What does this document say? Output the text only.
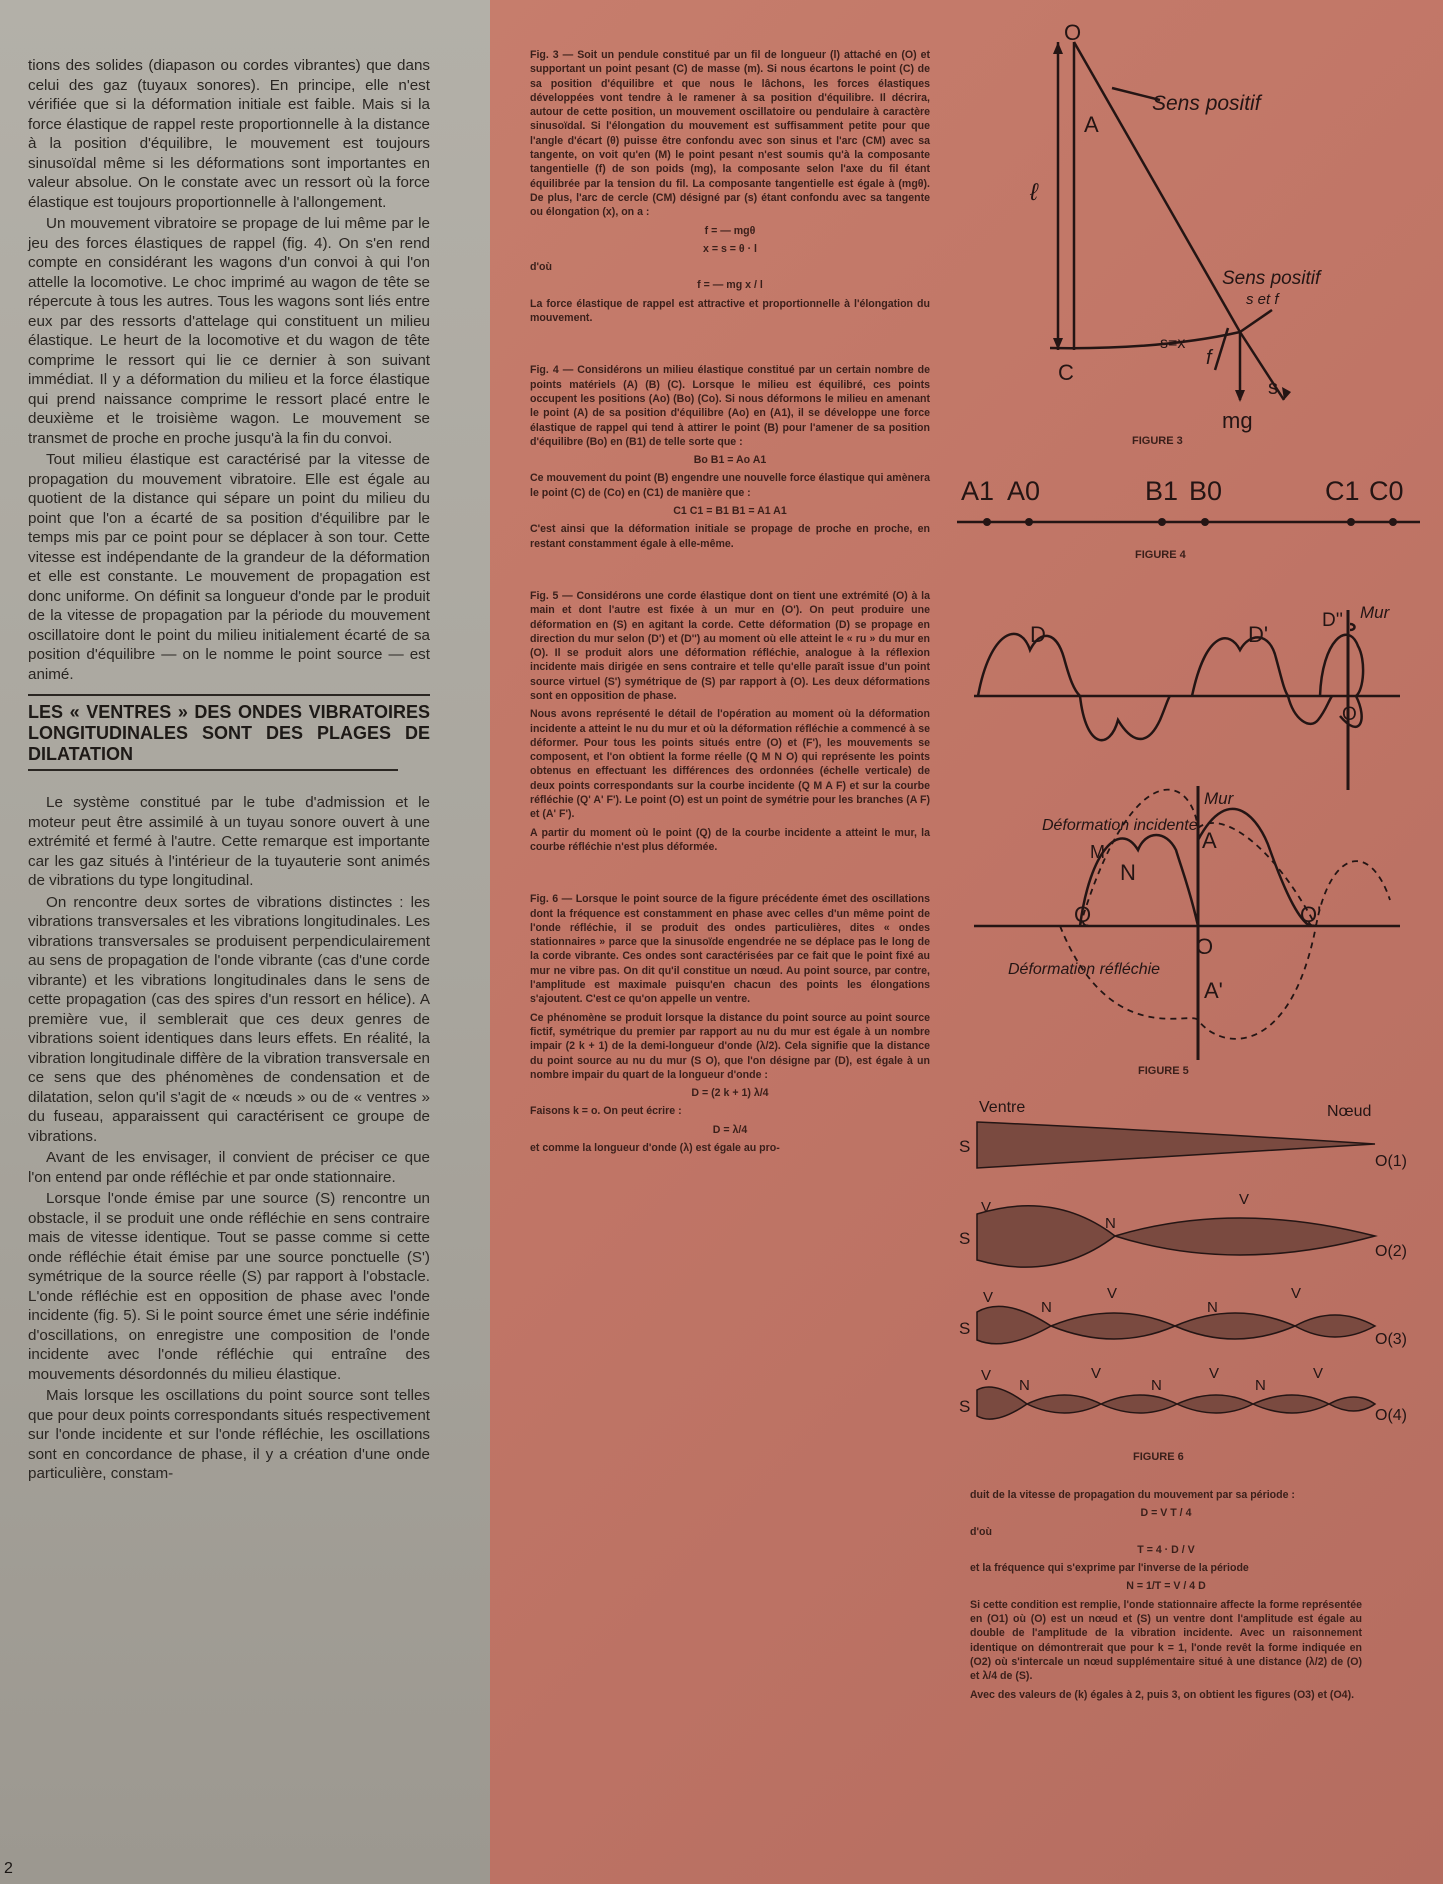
tions des solides (diapason ou cordes vibrantes) que dans celui des gaz (tuyaux sonores). En principe, elle n'est vérifiée que si la déformation initiale est faible. Mais si la force élastique de rappel reste proportionnelle à la distance à la position d'équilibre, le mouvement est toujours sinusoïdal même si les déformations sont importantes en valeur absolue. On le constate avec un ressort où la force élastique est toujours proportionnelle à l'allongement.

Un mouvement vibratoire se propage de lui même par le jeu des forces élastiques de rappel (fig. 4). On s'en rend compte en considérant les wagons d'un convoi à qui l'on attelle la locomotive. Le choc imprimé au wagon de tête se répercute à tous les autres. Tous les wagons sont liés entre eux par des ressorts d'attelage qui constituent un milieu élastique. Le heurt de la locomotive et du wagon de tête comprime le ressort qui lie ce dernier à son suivant immédiat. Il y a déformation du milieu et la force élastique qui prend naissance comprime le ressort placé entre le deuxième et le troisième wagon. Le mouvement se transmet de proche en proche jusqu'à la fin du convoi.

Tout milieu élastique est caractérisé par la vitesse de propagation du mouvement vibratoire. Elle est égale au quotient de la distance qui sépare un point du milieu du point que l'on a écarté de sa position d'équilibre par le temps mis par ce point pour se déplacer à son tour. Cette vitesse est indépendante de la grandeur de la déformation et elle est constante. Le mouvement de propagation est donc uniforme. On définit sa longueur d'onde par le produit de la vitesse de propagation par la période du mouvement oscillatoire dont le point du milieu initialement écarté de sa position d'équilibre — on le nomme le point source — est animé.

LES « VENTRES » DES ONDES VIBRATOIRES LONGITUDINALES SONT DES PLAGES DE DILATATION

Le système constitué par le tube d'admission et le moteur peut être assimilé à un tuyau sonore ouvert à une extrémité et fermé à l'autre. Cette remarque est importante car les gaz situés à l'intérieur de la tuyauterie sont animés de vibrations du type longitudinal.

On rencontre deux sortes de vibrations distinctes : les vibrations transversales et les vibrations longitudinales. Les vibrations transversales se produisent perpendiculairement au sens de propagation de l'onde vibrante (cas d'une corde vibrante) et les vibrations longitudinales dans le sens de cette propagation (cas des spires d'un ressort en hélice). A première vue, il semblerait que ces deux genres de vibrations soient identiques dans leurs effets. En réalité, la vibration longitudinale diffère de la vibration transversale en ce sens que des phénomènes de condensation et de dilatation, selon qu'il s'agit de « nœuds » ou de « ventres » du fuseau, apparaissent qui caractérisent ce groupe de vibrations.

Avant de les envisager, il convient de préciser ce que l'on entend par onde réfléchie et par onde stationnaire.

Lorsque l'onde émise par une source (S) rencontre un obstacle, il se produit une onde réfléchie en sens contraire mais de vitesse identique. Tout se passe comme si cette onde réfléchie était émise par une source ponctuelle (S') symétrique de la source réelle (S) par rapport à l'obstacle. L'onde réfléchie est en opposition de phase avec l'onde incidente (fig. 5). Si le point source émet une série indéfinie d'oscillations, on enregistre une composition de l'onde incidente avec l'onde réfléchie qui entraîne des mouvements désordonnés du milieu élastique.

Mais lorsque les oscillations du point source sont telles que pour deux points correspondants situés respectivement sur l'onde incidente et sur l'onde réfléchie, les oscillations sont en concordance de phase, il y a création d'une onde particulière, constam-

2

Fig. 3 — Soit un pendule constitué par un fil de longueur (l) attaché en (O) et supportant un point pesant (C) de masse (m). Si nous écartons le point (C) de sa position d'équilibre et que nous le lâchons, les forces élastiques développées vont tendre à le ramener à sa position d'équilibre. Il décrira, autour de cette position, un mouvement oscillatoire ou pendulaire à caractère sinusoïdal. Si l'élongation du mouvement est suffisamment petite pour que l'angle d'écart (θ) puisse être confondu avec son sinus et l'arc (CM) avec sa tangente, on voit qu'en (M) le point pesant n'est soumis qu'à la composante tangentielle (f) de son poids (mg), la composante selon l'axe du fil étant équilibrée par la tension du fil. La composante tangentielle est égale à (mgθ). De plus, l'arc de cercle (CM) désigné par (s) étant confondu avec sa tangente ou élongation (x), on a :

f = — mgθ
x = s = θ · l

d'où

f = — mg x / l

La force élastique de rappel est attractive et proportionnelle à l'élongation du mouvement.

Fig. 4 — Considérons un milieu élastique constitué par un certain nombre de points matériels (A) (B) (C). Lorsque le milieu est équilibré, ces points occupent les positions (Ao) (Bo) (Co). Si nous déformons le milieu en amenant le point (A) de sa position d'équilibre (Ao) en (A1), il se développe une force élastique de rappel qui tend à attirer le point (B) pour l'amener de sa position d'équilibre (Bo) en (B1) de telle sorte que :

Bo B1 = Ao A1

Ce mouvement du point (B) engendre une nouvelle force élastique qui amènera le point (C) de (Co) en (C1) de manière que :

C1 C1 = B1 B1 = A1 A1

C'est ainsi que la déformation initiale se propage de proche en proche, en restant constamment égale à elle-même.

Fig. 5 — Considérons une corde élastique dont on tient une extrémité (O) à la main et dont l'autre est fixée à un mur en (O'). On peut produire une déformation en (S) en agitant la corde. Cette déformation (D) se propage en direction du mur selon (D') et (D'') au moment où elle atteint le « ru » du mur en (O). Il se produit alors une déformation réfléchie, analogue à la réflexion incidente mais dirigée en sens contraire et telle qu'elle paraît issue d'un point source virtuel (S') symétrique de (S) par rapport à (O). Les deux déformations sont en opposition de phase.

Nous avons représenté le détail de l'opération au moment où la déformation incidente a atteint le nu du mur et où la déformation réfléchie a commencé à se déformer. Pour tous les points situés entre (O) et (F'), les mouvements se composent, et l'on obtient la forme réelle (Q M N O) qui représente les points obtenus en effectuant les différences des ordonnées (échelle verticale) de deux points correspondants sur la courbe incidente (Q M A F) et sur la courbe réfléchie (Q' A' F'). Le point (O) est un point de symétrie pour les branches (A F) et (A' F').

A partir du moment où le point (Q) de la courbe incidente a atteint le mur, la courbe réfléchie n'est plus déformée.

Fig. 6 — Lorsque le point source de la figure précédente émet des oscillations dont la fréquence est constamment en phase avec celles d'un même point de l'onde réfléchie, il se produit des ondes particulières, dites « ondes stationnaires » parce que la sinusoïde engendrée ne se déplace pas le long de la corde vibrante. Ces ondes sont caractérisées par ce fait que le point fixé au mur ne vibre pas. On dit qu'il constitue un nœud. Au point source, par contre, l'amplitude est maximale puisqu'en chacun des points les élongations s'ajoutent. C'est ce qu'on appelle un ventre.

Ce phénomène se produit lorsque la distance du point source au point source fictif, symétrique du premier par rapport au nu du mur est égale à un nombre impair (2 k + 1) de la demi-longueur d'onde (λ/2). Cela signifie que la distance du point source au nu du mur (S O), que l'on désigne par (D), est égale à un nombre impair du quart de la longueur d'onde :

D = (2 k + 1) λ/4

Faisons k = o. On peut écrire :

D = λ/4

et comme la longueur d'onde (λ) est égale au pro-

duit de la vitesse de propagation du mouvement par sa période :

D = V T / 4

d'où

T = 4 · D / V

et la fréquence qui s'exprime par l'inverse de la période

N = 1/T = V / 4 D

Si cette condition est remplie, l'onde stationnaire affecte la forme représentée en (O1) où (O) est un nœud et (S) un ventre dont l'amplitude est égale au double de l'amplitude de la vibration incidente. Avec un raisonnement identique on démontrerait que pour k = 1, l'onde revêt la forme indiquée en (O2) où s'intercale un nœud supplémentaire situé à une distance (λ/2) de (O) et λ/4 de (S).

Avec des valeurs de (k) égales à 2, puis 3, on obtient les figures (O3) et (O4).

O
A
Sens positif
ℓ
Sens positif
s et f
C
s=x
f
s
mg
FIGURE 3
A1 A0	B1 B0	C1 C0
FIGURE 4
D	D'
D'' Mur
O
Mur
Déformation incidente
A
N
M
Q
O
Q'
Déformation réfléchie
A'
FIGURE 5
Ventre	Nœud
S
O(1)
S
V
N
V
O(2)
S
V
N
V
N
V
O(3)
S
V
N
V
N
V
N
V
O(4)
FIGURE 6
